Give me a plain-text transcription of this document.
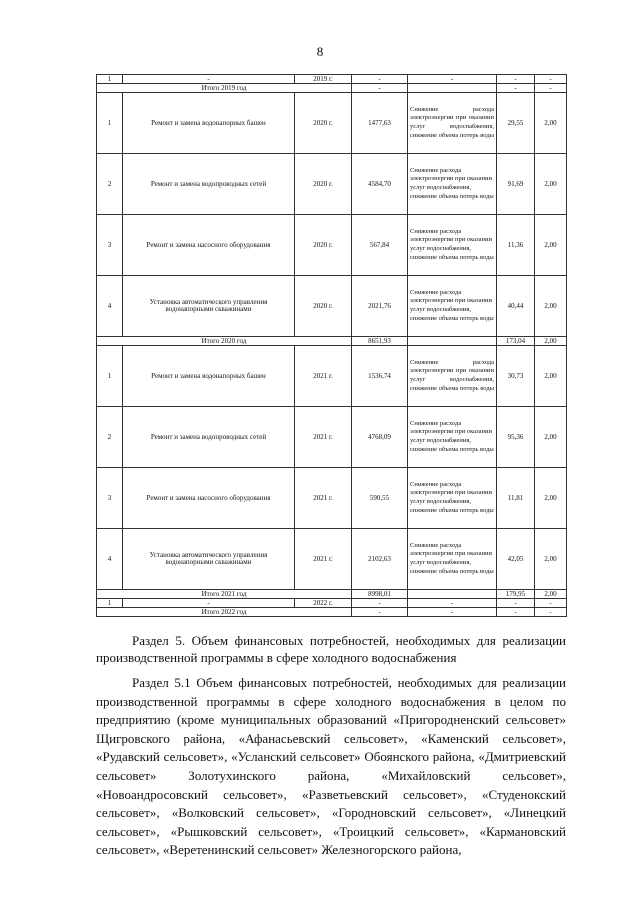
8
1	-	2019 г.	-	-	-	-
Итого 2019 год			-		-	-
1	Ремонт и замена водонапорных башен	2020 г.	1477,63	Снижение расхода электроэнергии при оказании услуг водоснабжения, снижение объема потерь воды	29,55	2,00
2	Ремонт и замена водопроводных сетей	2020 г.	4584,70	Снижение расхода электроэнергии при оказании услуг водоснабжения, снижение объема потерь воды	91,69	2,00
3	Ремонт и замена насосного оборудования	2020 г.	567,84	Снижение расхода электроэнергии при оказании услуг водоснабжения, снижение объема потерь воды	11,36	2,00
4	Установка автоматического управления водонапорными скважинами	2020 г.	2021,76	Снижение расхода электроэнергии при оказании услуг водоснабжения, снижение объема потерь воды	40,44	2,00
Итого 2020 год			8651,93		173,04	2,00
1	Ремонт и замена водонапорных башен	2021 г.	1536,74	Снижение расхода электроэнергии при оказании услуг водоснабжения, снижение объема потерь воды	30,73	2,00
2	Ремонт и замена водопроводных сетей	2021 г.	4768,09	Снижение расхода электроэнергии при оказании услуг водоснабжения, снижение объема потерь воды	95,36	2,00
3	Ремонт и замена насосного оборудования	2021 г.	590,55	Снижение расхода электроэнергии при оказании услуг водоснабжения, снижение объема потерь воды	11,81	2,00
4	Установка автоматического управления водонапорными скважинами	2021 г.	2102,63	Снижение расхода электроэнергии при оказании услуг водоснабжения, снижение объема потерь воды	42,05	2,00
Итого 2021 год			8998,01		179,95	2,00
1	-	2022 г.	-	-	-	-
Итого 2022 год			-	-	-	-

Раздел 5. Объем финансовых потребностей, необходимых для реализации производственной программы в сфере холодного водоснабжения

Раздел 5.1 Объем финансовых потребностей, необходимых для реализации производственной программы в сфере холодного водоснабжения в целом по предприятию (кроме муниципальных образований «Пригородненский сельсовет» Щигровского района, «Афанасьевский сельсовет», «Каменский сельсовет», «Рудавский сельсовет», «Усланский сельсовет» Обоянского района, «Дмитриевский сельсовет» Золотухинского района, «Михайловский сельсовет», «Новоандросовский сельсовет», «Разветьевский сельсовет», «Студенокский сельсовет», «Волковский сельсовет», «Городновский сельсовет», «Линецкий сельсовет», «Рышковский сельсовет», «Троицкий сельсовет», «Кармановский сельсовет», «Веретенинский сельсовет» Железногорского района,
